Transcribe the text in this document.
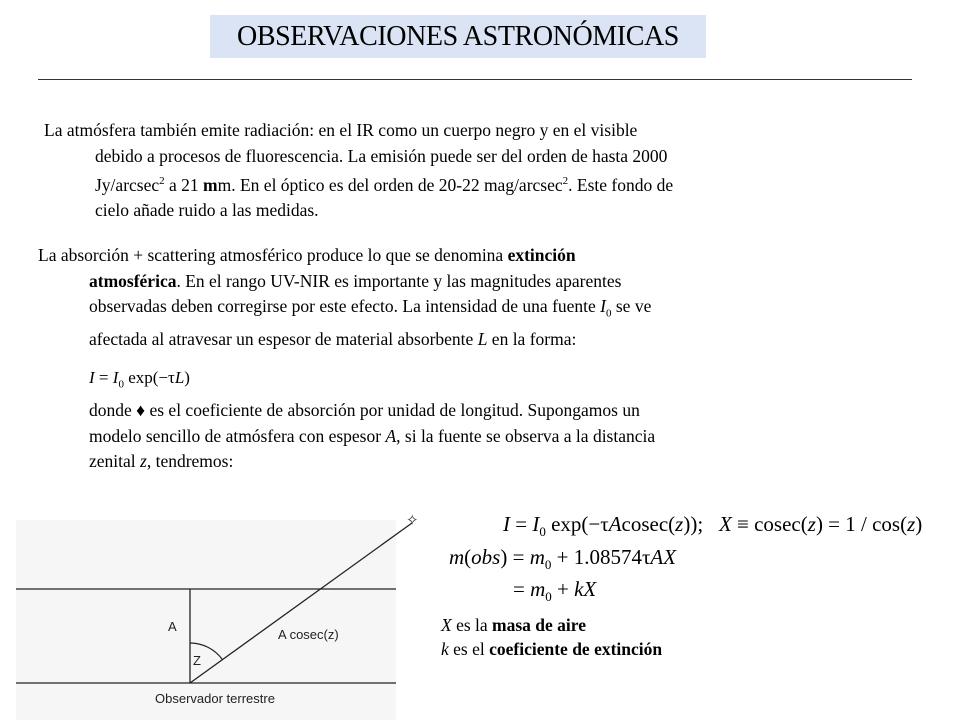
OBSERVACIONES ASTRONÓMICAS
La atmósfera también emite radiación: en el IR como un cuerpo negro y en el visible
debido a procesos de fluorescencia. La emisión puede ser del orden de hasta 2000
Jy/arcsec$^2$ a 21 mm. En el óptico es del orden de 20-22 mag/arcsec$^2$. Este fondo de
cielo añade ruido a las medidas.
La absorción + scattering atmosférico produce lo que se denomina extinción
atmosférica. En el rango UV-NIR es importante y las magnitudes aparentes
observadas deben corregirse por este efecto. La intensidad de una fuente $I_0$ se ve
afectada al atravesar un espesor de material absorbente L en la forma:
$I = I_0$ exp(−τL)
donde ♦ es el coeficiente de absorción por unidad de longitud. Supongamos un
modelo sencillo de atmósfera con espesor A, si la fuente se observa a la distancia
zenital z, tendremos:
$I = I_0$ exp(−τAcosec(z));   X ≡ cosec(z) = 1 / cos(z)
$m(obs) = m_0 + 1.08574\tau AX$
= $m_0$ + kX
X es la masa de aire
k es el coeficiente de extinción
A
A cosec(z)
Z
Observador terrestre
✧
